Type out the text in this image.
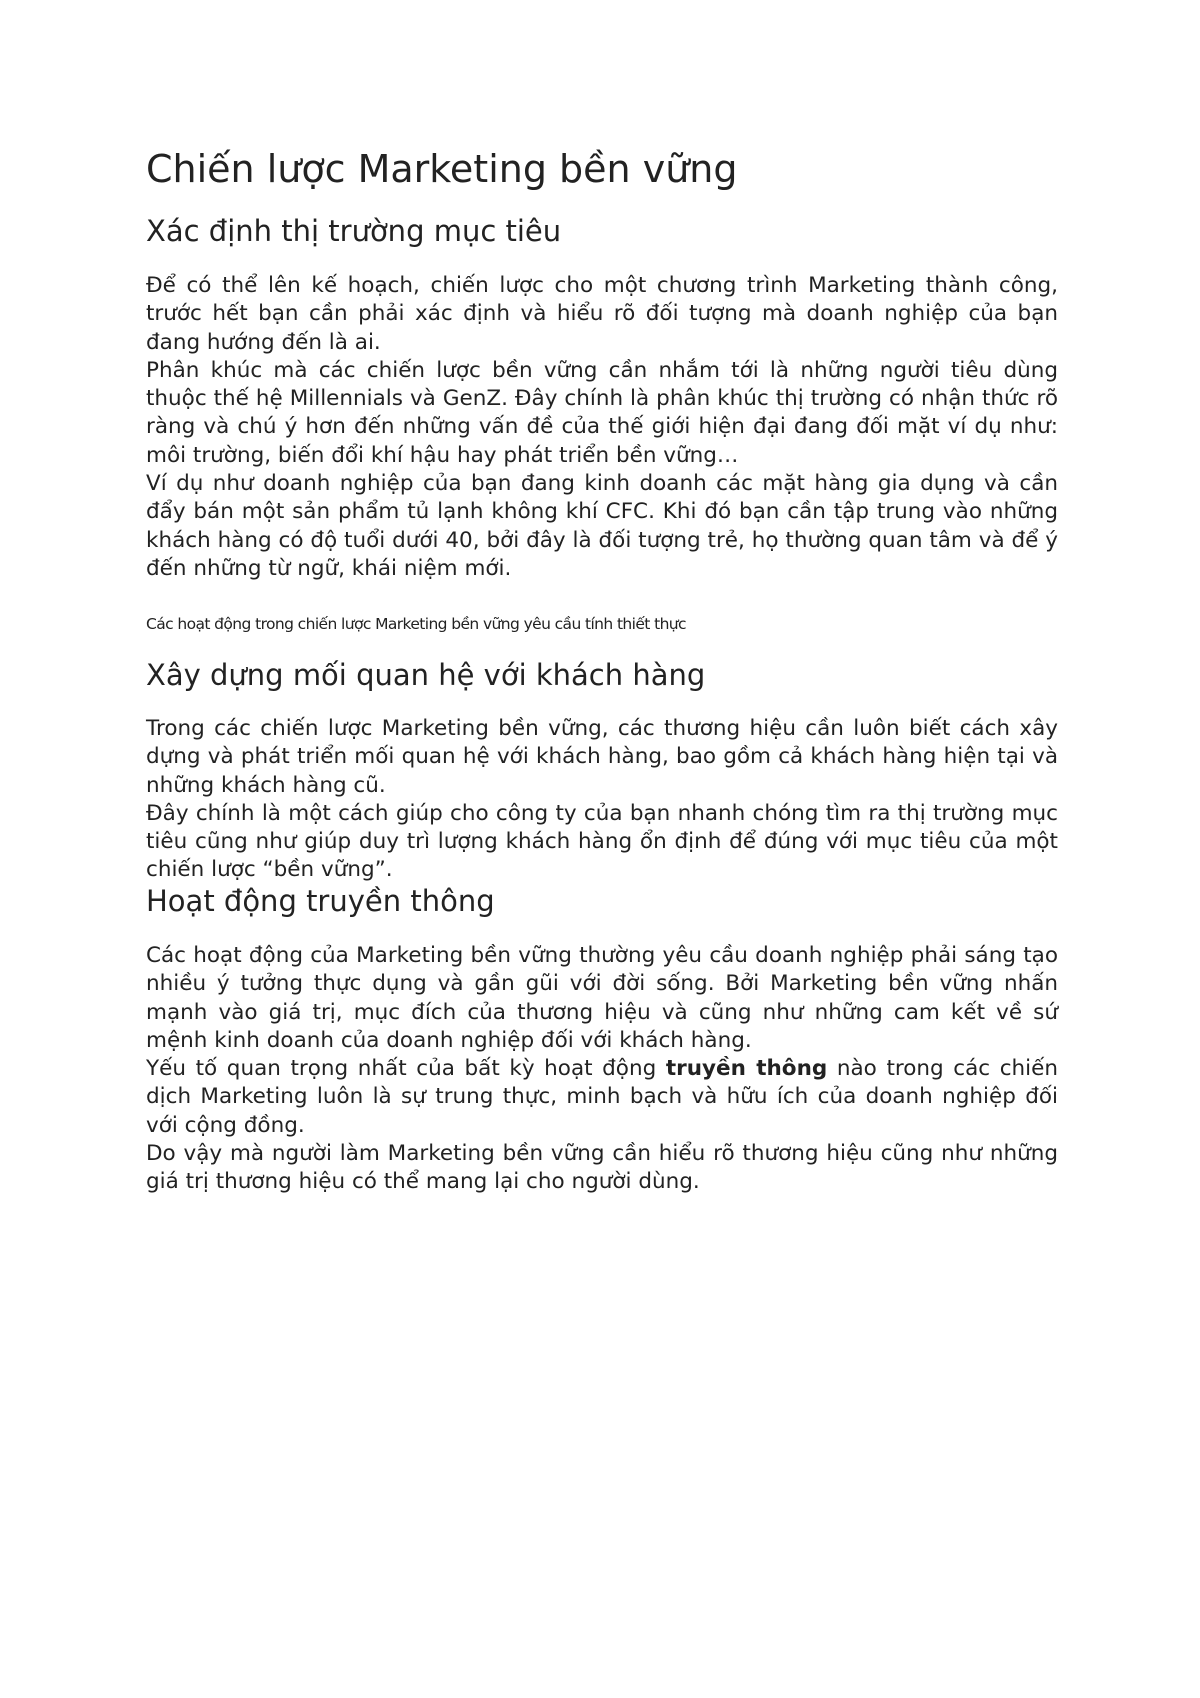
Chiến lược Marketing bền vững
Xác định thị trường mục tiêu

Để có thể lên kế hoạch, chiến lược cho một chương trình Marketing thành công, trước hết bạn cần phải xác định và hiểu rõ đối tượng mà doanh nghiệp của bạn đang hướng đến là ai.

Phân khúc mà các chiến lược bền vững cần nhắm tới là những người tiêu dùng thuộc thế hệ Millennials và GenZ. Đây chính là phân khúc thị trường có nhận thức rõ ràng và chú ý hơn đến những vấn đề của thế giới hiện đại đang đối mặt ví dụ như: môi trường, biến đổi khí hậu hay phát triển bền vững…

Ví dụ như doanh nghiệp của bạn đang kinh doanh các mặt hàng gia dụng và cần đẩy bán một sản phẩm tủ lạnh không khí CFC. Khi đó bạn cần tập trung vào những khách hàng có độ tuổi dưới 40, bởi đây là đối tượng trẻ, họ thường quan tâm và để ý đến những từ ngữ, khái niệm mới.

Các hoạt động trong chiến lược Marketing bền vững yêu cầu tính thiết thực
Xây dựng mối quan hệ với khách hàng

Trong các chiến lược Marketing bền vững, các thương hiệu cần luôn biết cách xây dựng và phát triển mối quan hệ với khách hàng, bao gồm cả khách hàng hiện tại và những khách hàng cũ.

Đây chính là một cách giúp cho công ty của bạn nhanh chóng tìm ra thị trường mục tiêu cũng như giúp duy trì lượng khách hàng ổn định để đúng với mục tiêu của một chiến lược “bền vững”.

Hoạt động truyền thông

Các hoạt động của Marketing bền vững thường yêu cầu doanh nghiệp phải sáng tạo nhiều ý tưởng thực dụng và gần gũi với đời sống. Bởi Marketing bền vững nhấn mạnh vào giá trị, mục đích của thương hiệu và cũng như những cam kết về sứ mệnh kinh doanh của doanh nghiệp đối với khách hàng.

Yếu tố quan trọng nhất của bất kỳ hoạt động truyền thông nào trong các chiến dịch Marketing luôn là sự trung thực, minh bạch và hữu ích của doanh nghiệp đối với cộng đồng.

Do vậy mà người làm Marketing bền vững cần hiểu rõ thương hiệu cũng như những giá trị thương hiệu có thể mang lại cho người dùng.
